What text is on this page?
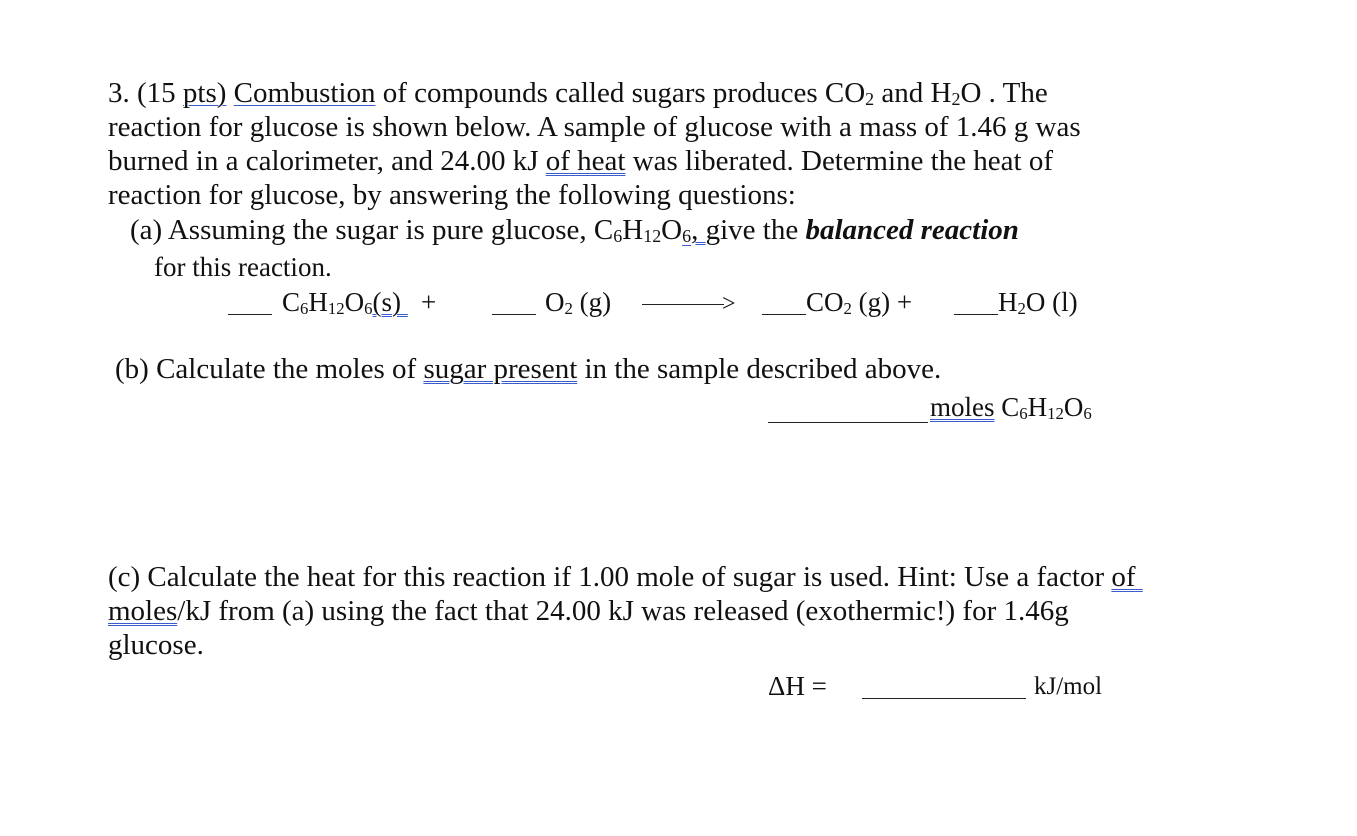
3. (15 pts) Combustion of compounds called sugars produces $CO_2$ and $H_2O$ . The
reaction for glucose is shown below. A sample of glucose with a mass of 1.46 g was
burned in a calorimeter, and 24.00 kJ of heat was liberated. Determine the heat of
reaction for glucose, by answering the following questions:
(a) Assuming the sugar is pure glucose, $C_6H_{12}O_6$, give the balanced reaction
for this reaction.
$C_6H_{12}O_6(s)$ +	$O_2$ (g)	>	$CO_2$ (g) +	$H_2O$ (l)
(b) Calculate the moles of sugar present in the sample described above.
moles $C_6H_{12}O_6$
(c) Calculate the heat for this reaction if 1.00 mole of sugar is used. Hint: Use a factor of
moles/kJ from (a) using the fact that 24.00 kJ was released (exothermic!) for 1.46g
glucose.
ΔH =	kJ/mol
